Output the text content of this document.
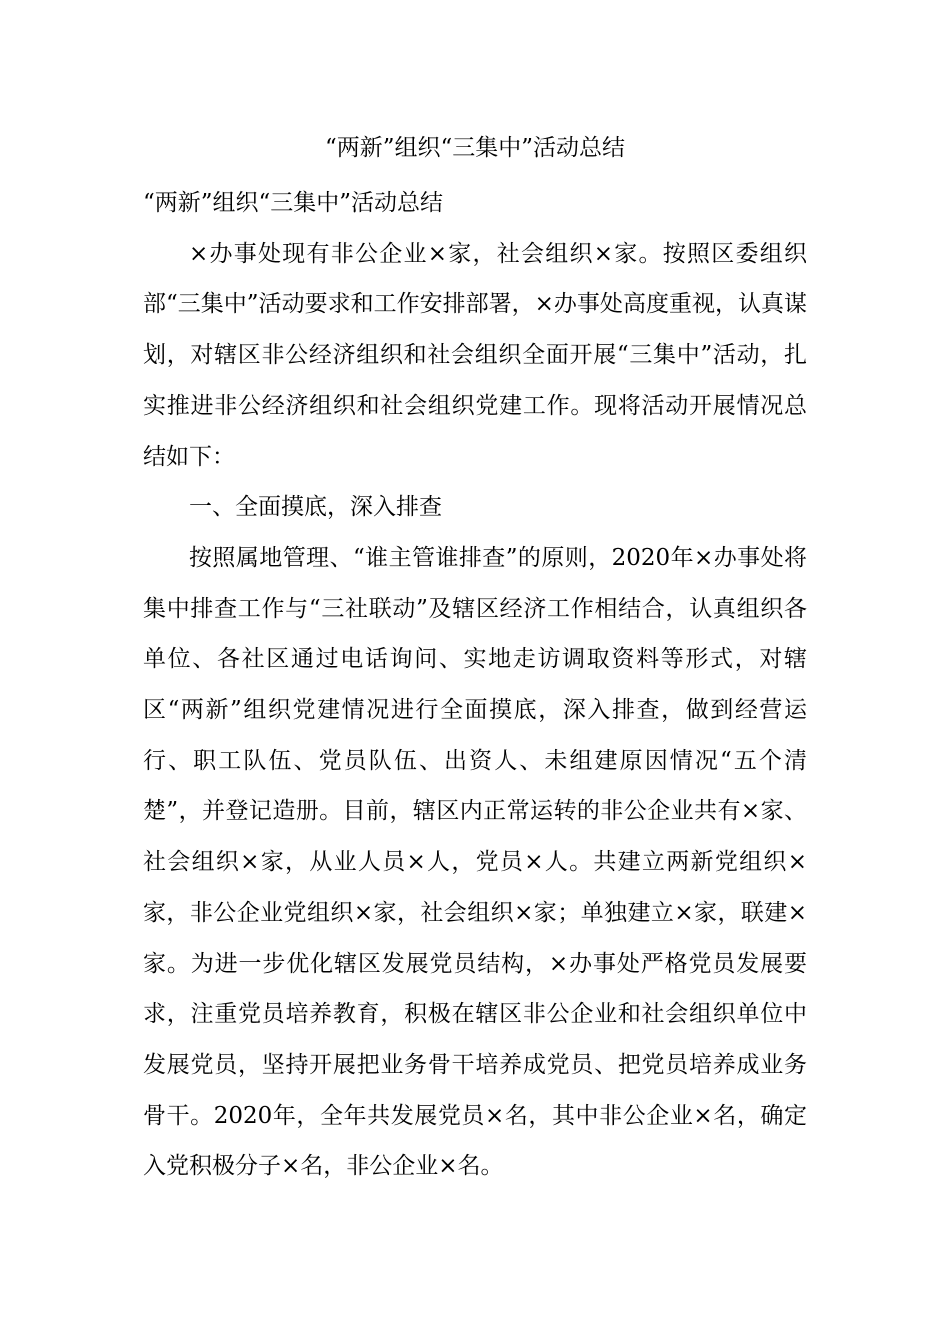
“两新”组织“三集中”活动总结

“两新”组织“三集中”活动总结

×办事处现有非公企业×家，社会组织×家。按照区委组织部“三集中”活动要求和工作安排部署，×办事处高度重视，认真谋划，对辖区非公经济组织和社会组织全面开展“三集中”活动，扎实推进非公经济组织和社会组织党建工作。现将活动开展情况总结如下：

一、全面摸底，深入排查

按照属地管理、“谁主管谁排查”的原则，2020年×办事处将集中排查工作与“三社联动”及辖区经济工作相结合，认真组织各单位、各社区通过电话询问、实地走访调取资料等形式，对辖区“两新”组织党建情况进行全面摸底，深入排查，做到经营运行、职工队伍、党员队伍、出资人、未组建原因情况“五个清楚”，并登记造册。目前，辖区内正常运转的非公企业共有×家、社会组织×家，从业人员×人，党员×人。共建立两新党组织×家，非公企业党组织×家，社会组织×家；单独建立×家，联建×家。为进一步优化辖区发展党员结构，×办事处严格党员发展要求，注重党员培养教育，积极在辖区非公企业和社会组织单位中发展党员，坚持开展把业务骨干培养成党员、把党员培养成业务骨干。2020年，全年共发展党员×名，其中非公企业×名，确定入党积极分子×名，非公企业×名。
